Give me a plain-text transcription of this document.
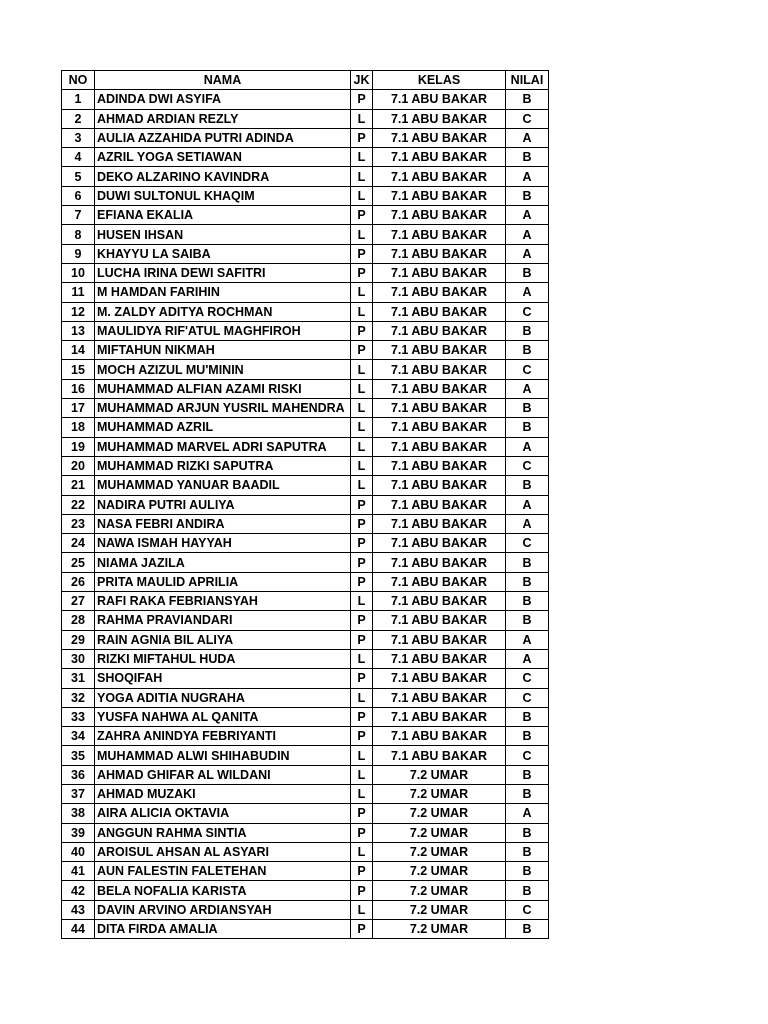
NO	NAMA	JK	KELAS	NILAI
1	ADINDA DWI ASYIFA	P	7.1 ABU BAKAR	B
2	AHMAD ARDIAN REZLY	L	7.1 ABU BAKAR	C
3	AULIA AZZAHIDA PUTRI ADINDA	P	7.1 ABU BAKAR	A
4	AZRIL YOGA SETIAWAN	L	7.1 ABU BAKAR	B
5	DEKO ALZARINO KAVINDRA	L	7.1 ABU BAKAR	A
6	DUWI SULTONUL KHAQIM	L	7.1 ABU BAKAR	B
7	EFIANA EKALIA	P	7.1 ABU BAKAR	A
8	HUSEN IHSAN	L	7.1 ABU BAKAR	A
9	KHAYYU LA SAIBA	P	7.1 ABU BAKAR	A
10	LUCHA IRINA DEWI SAFITRI	P	7.1 ABU BAKAR	B
11	M HAMDAN FARIHIN	L	7.1 ABU BAKAR	A
12	M. ZALDY ADITYA ROCHMAN	L	7.1 ABU BAKAR	C
13	MAULIDYA RIF'ATUL MAGHFIROH	P	7.1 ABU BAKAR	B
14	MIFTAHUN NIKMAH	P	7.1 ABU BAKAR	B
15	MOCH AZIZUL MU'MININ	L	7.1 ABU BAKAR	C
16	MUHAMMAD ALFIAN AZAMI RISKI	L	7.1 ABU BAKAR	A
17	MUHAMMAD ARJUN YUSRIL MAHENDRA	L	7.1 ABU BAKAR	B
18	MUHAMMAD AZRIL	L	7.1 ABU BAKAR	B
19	MUHAMMAD MARVEL ADRI SAPUTRA	L	7.1 ABU BAKAR	A
20	MUHAMMAD RIZKI SAPUTRA	L	7.1 ABU BAKAR	C
21	MUHAMMAD YANUAR BAADIL	L	7.1 ABU BAKAR	B
22	NADIRA PUTRI AULIYA	P	7.1 ABU BAKAR	A
23	NASA FEBRI ANDIRA	P	7.1 ABU BAKAR	A
24	NAWA ISMAH HAYYAH	P	7.1 ABU BAKAR	C
25	NIAMA JAZILA	P	7.1 ABU BAKAR	B
26	PRITA MAULID APRILIA	P	7.1 ABU BAKAR	B
27	RAFI RAKA FEBRIANSYAH	L	7.1 ABU BAKAR	B
28	RAHMA PRAVIANDARI	P	7.1 ABU BAKAR	B
29	RAIN AGNIA BIL ALIYA	P	7.1 ABU BAKAR	A
30	RIZKI MIFTAHUL HUDA	L	7.1 ABU BAKAR	A
31	SHOQIFAH	P	7.1 ABU BAKAR	C
32	YOGA ADITIA NUGRAHA	L	7.1 ABU BAKAR	C
33	YUSFA NAHWA AL QANITA	P	7.1 ABU BAKAR	B
34	ZAHRA ANINDYA FEBRIYANTI	P	7.1 ABU BAKAR	B
35	MUHAMMAD ALWI SHIHABUDIN	L	7.1 ABU BAKAR	C
36	AHMAD GHIFAR AL WILDANI	L	7.2 UMAR	B
37	AHMAD MUZAKI	L	7.2 UMAR	B
38	AIRA ALICIA OKTAVIA	P	7.2 UMAR	A
39	ANGGUN RAHMA SINTIA	P	7.2 UMAR	B
40	AROISUL AHSAN AL ASYARI	L	7.2 UMAR	B
41	AUN FALESTIN FALETEHAN	P	7.2 UMAR	B
42	BELA NOFALIA KARISTA	P	7.2 UMAR	B
43	DAVIN ARVINO ARDIANSYAH	L	7.2 UMAR	C
44	DITA FIRDA AMALIA	P	7.2 UMAR	B
